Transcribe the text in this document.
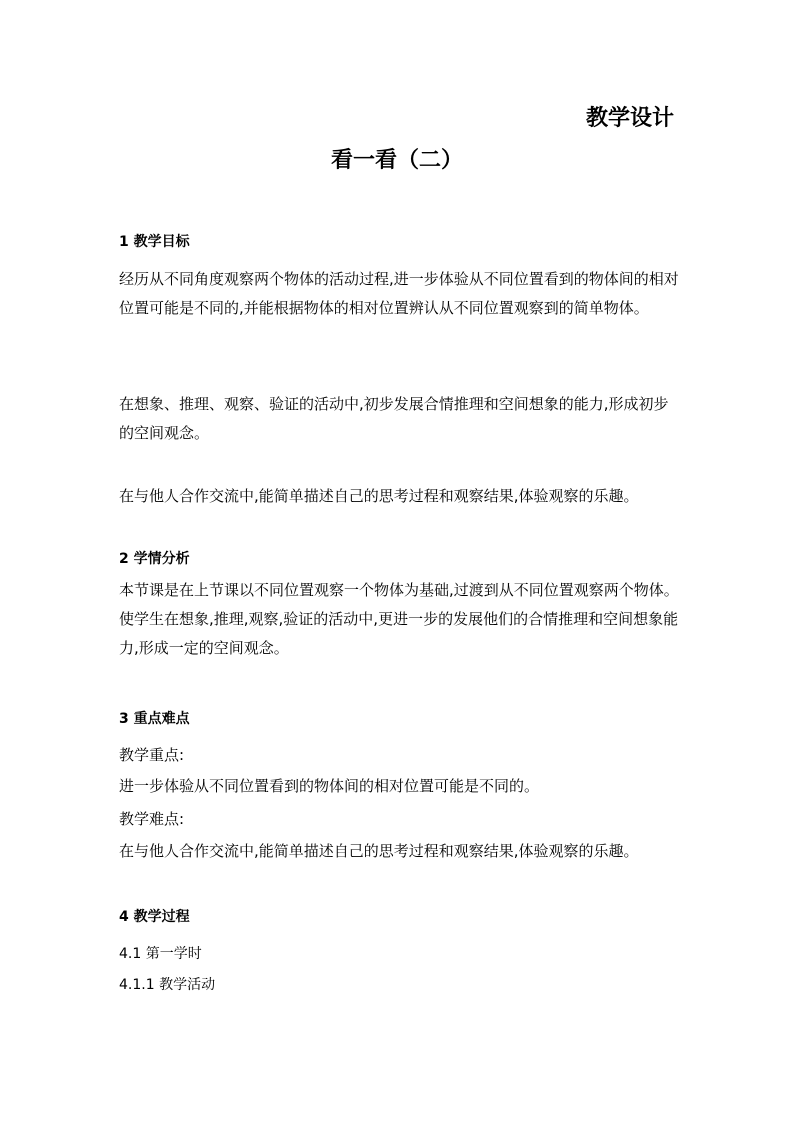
教学设计
看一看（二）
1 教学目标

经历从不同角度观察两个物体的活动过程,进一步体验从不同位置看到的物体间的相对位置可能是不同的,并能根据物体的相对位置辨认从不同位置观察到的简单物体。

在想象、推理、观察、验证的活动中,初步发展合情推理和空间想象的能力,形成初步的空间观念。

在与他人合作交流中,能简单描述自己的思考过程和观察结果,体验观察的乐趣。

2 学情分析

本节课是在上节课以不同位置观察一个物体为基础,过渡到从不同位置观察两个物体。使学生在想象,推理,观察,验证的活动中,更进一步的发展他们的合情推理和空间想象能力,形成一定的空间观念。

3 重点难点
教学重点:
进一步体验从不同位置看到的物体间的相对位置可能是不同的。
教学难点:
在与他人合作交流中,能简单描述自己的思考过程和观察结果,体验观察的乐趣。
4 教学过程
4.1 第一学时
4.1.1 教学活动
